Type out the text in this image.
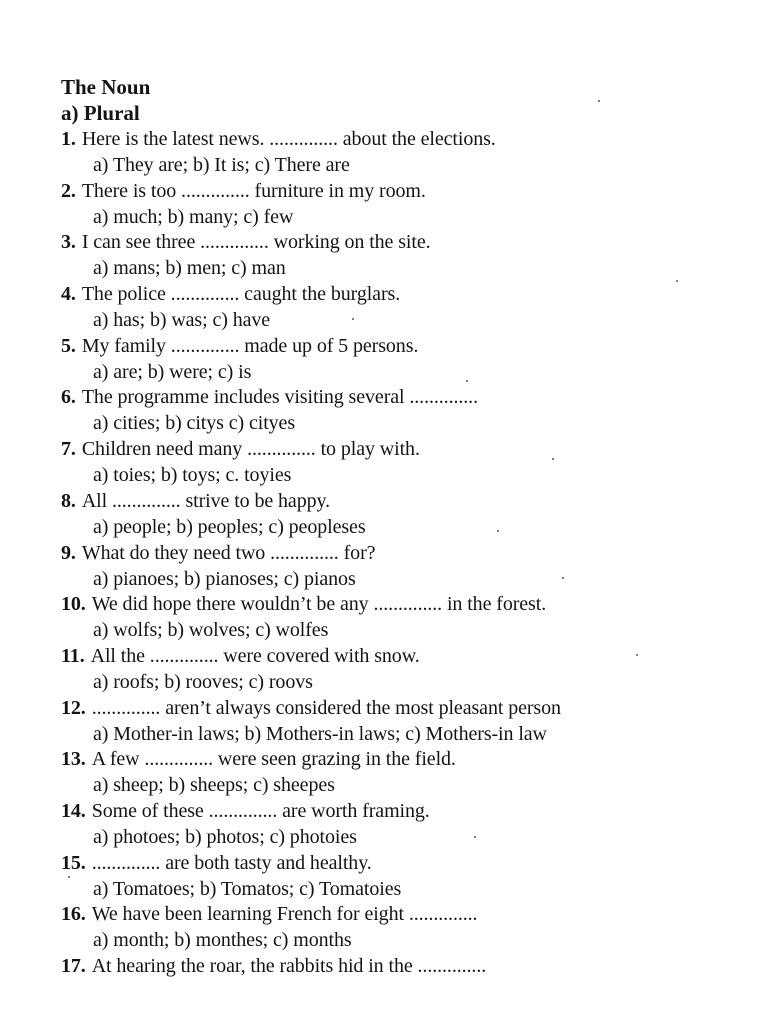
The Noun
a) Plural
1. Here is the latest news. .............. about the elections.
a) They are; b) It is; c) There are
2. There is too .............. furniture in my room.
a) much; b) many; c) few
3. I can see three .............. working on the site.
a) mans; b) men; c) man
4. The police .............. caught the burglars.
a) has; b) was; c) have
5. My family .............. made up of 5 persons.
a) are; b) were; c) is
6. The programme includes visiting several ..............
a) cities; b) citys c) cityes
7. Children need many .............. to play with.
a) toies; b) toys; c. toyies
8. All .............. strive to be happy.
a) people; b) peoples; c) peopleses
9. What do they need two .............. for?
a) pianoes; b) pianoses; c) pianos
10. We did hope there wouldn’t be any .............. in the forest.
a) wolfs; b) wolves; c) wolfes
11. All the .............. were covered with snow.
a) roofs; b) rooves; c) roovs
12. .............. aren’t always considered the most pleasant person
a) Mother-in laws; b) Mothers-in laws; c) Mothers-in law
13. A few .............. were seen grazing in the field.
a) sheep; b) sheeps; c) sheepes
14. Some of these .............. are worth framing.
a) photoes; b) photos; c) photoies
15. .............. are both tasty and healthy.
a) Tomatoes; b) Tomatos; c) Tomatoies
16. We have been learning French for eight ..............
a) month; b) monthes; c) months
17. At hearing the roar, the rabbits hid in the ..............
